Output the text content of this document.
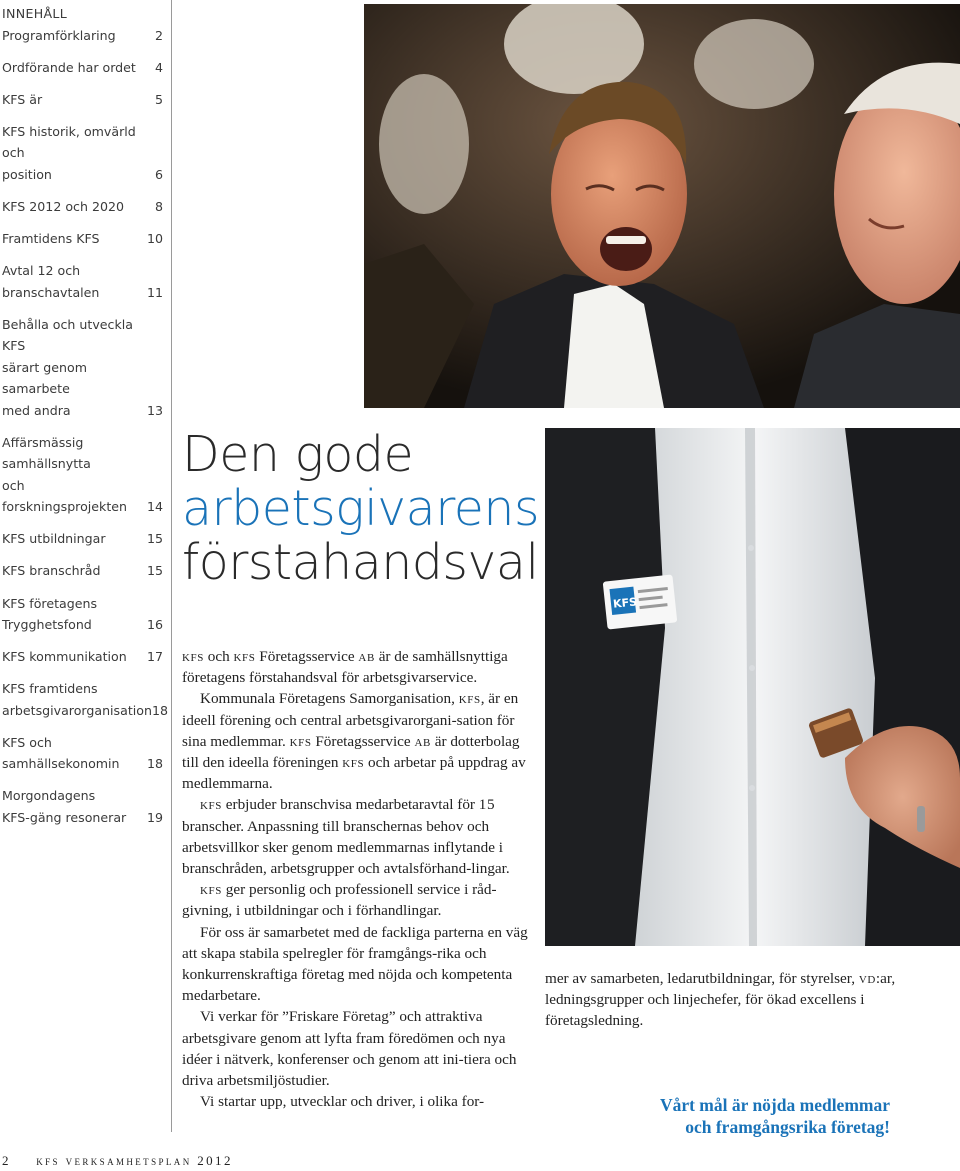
INNEHÅLL
Programförklaring	2
Ordförande har ordet	4
KFS är	5
KFS historik, omvärld och
position	6
KFS 2012 och 2020	8
Framtidens KFS	10
Avtal 12 och
branschavtalen	11
Behålla och utveckla KFS
särart genom samarbete
med andra	13
Affärsmässig samhällsnytta
och forskningsprojekten	14
KFS utbildningar	15
KFS branschråd	15
KFS företagens
Trygghetsfond	16
KFS kommunikation	17
KFS framtidens
arbetsgivarorganisation 18
KFS och
samhällsekonomin	18
Morgondagens
KFS-gäng resonerar	19
KFS
Den gode
arbetsgivarens
förstahandsval

kfs och kfs Företagsservice ab är de samhällsnyttiga företagens förstahandsval för arbetsgivarservice.

Kommunala Företagens Samorganisation, kfs, är en ideell förening och central arbetsgivarorgani-sation för sina medlemmar. kfs Företagsservice ab är dotterbolag till den ideella föreningen kfs och arbetar på uppdrag av medlemmarna.

kfs erbjuder branschvisa medarbetaravtal för 15 branscher. Anpassning till branschernas behov och arbetsvillkor sker genom medlemmarnas inflytande i branschråden, arbetsgrupper och avtalsförhand-lingar.

kfs ger personlig och professionell service i råd-givning, i utbildningar och i förhandlingar.

För oss är samarbetet med de fackliga parterna en väg att skapa stabila spelregler för framgångs-rika och konkurrenskraftiga företag med nöjda och kompetenta medarbetare.

Vi verkar för ”Friskare Företag” och attraktiva arbetsgivare genom att lyfta fram föredömen och nya idéer i nätverk, konferenser och genom att ini-tiera och driva arbetsmiljöstudier.

Vi startar upp, utvecklar och driver, i olika for-

mer av samarbeten, ledarutbildningar, för styrelser, vd:ar, ledningsgrupper och linjechefer, för ökad excellens i företagsledning.

Vårt mål är nöjda medlemmar
och framgångsrika företag!
2 kfs verksamhetsplan 2012
